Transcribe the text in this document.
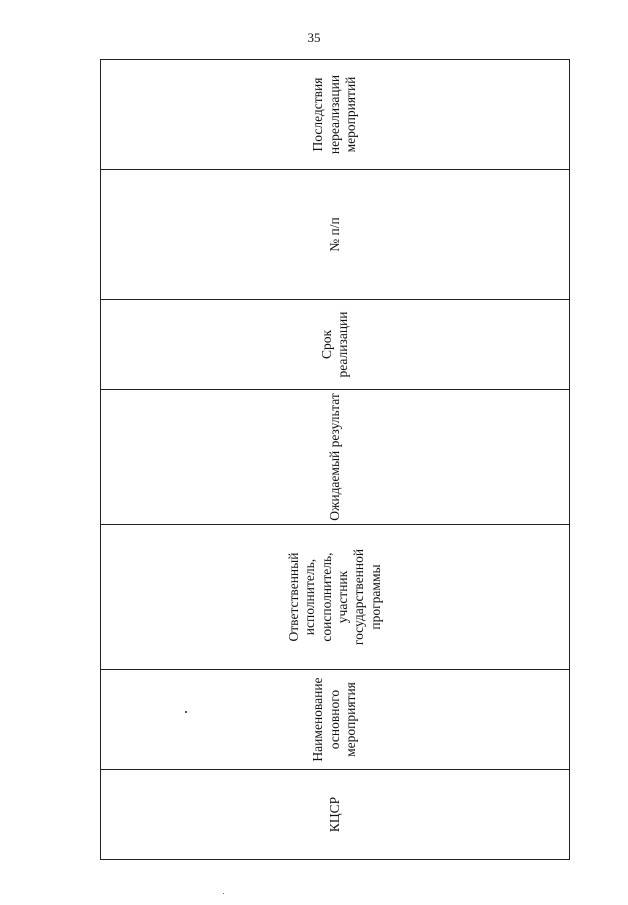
35
КЦСР	Наименование основного мероприятия	Ответственный исполнитель, соисполнитель, участник государственной программы	Ожидаемый результат	Срок реализации	№ п/п	Последствия нереализации мероприятий
